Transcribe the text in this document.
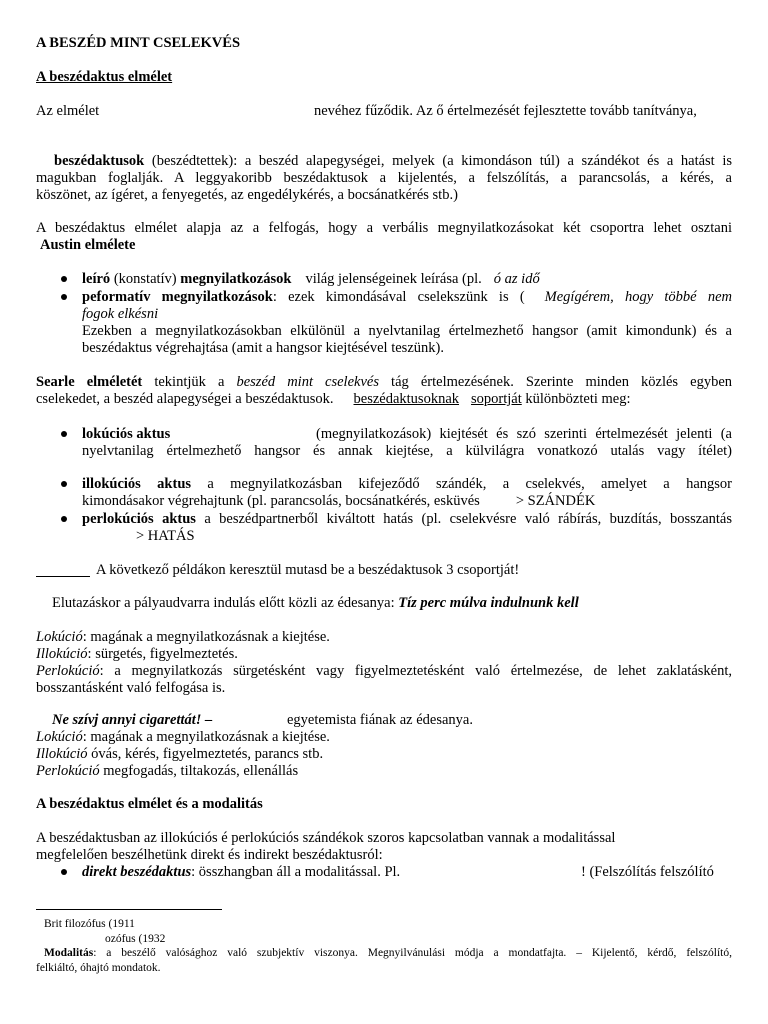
A BESZÉD MINT CSELEKVÉS
A beszédaktus elmélet
Az elmélet	nevéhez fűződik. Az ő értelmezését fejlesztette tovább tanítványa,
beszédaktusok (beszédtettek): a beszéd alapegységei, melyek (a kimondáson túl) a szándékot és a hatást is
magukban foglalják. A leggyakoribb beszédaktusok a kijelentés, a felszólítás, a parancsolás, a kérés, a
köszönet, az ígéret, a fenyegetés, az engedélykérés, a bocsánatkérés stb.)
A beszédaktus elmélet alapja az a felfogás, hogy a verbális megnyilatkozásokat két csoportra lehet osztani
Austin elmélete
leíró (konstatív) megnyilatkozások világ jelenségeinek leírása (pl. ó az idő
peformatív megnyilatkozások: ezek kimondásával cselekszünk is ( Megígérem, hogy többé nem
fogok elkésni
Ezekben a megnyilatkozásokban elkülönül a nyelvtanilag értelmezhető hangsor (amit kimondunk) és a
beszédaktus végrehajtása (amit a hangsor kiejtésével teszünk).
Searle elméletét tekintjük a beszéd mint cselekvés tág értelmezésének. Szerinte minden közlés egyben
cselekedet, a beszéd alapegységei a beszédaktusok. beszédaktusoknak soportját különbözteti meg:
lokúciós aktus	(megnyilatkozások) kiejtését és szó szerinti értelmezését jelenti (a
nyelvtanilag értelmezhető hangsor és annak kiejtése, a külvilágra vonatkozó utalás vagy ítélet)
illokúciós aktus a megnyilatkozásban kifejeződő szándék, a cselekvés, amelyet a hangsor
kimondásakor végrehajtunk (pl. parancsolás, bocsánatkérés, esküvés > SZÁNDÉK
perlokúciós aktus a beszédpartnerből kiváltott hatás (pl. cselekvésre való rábírás, buzdítás, bosszantás
> HATÁS
A következő példákon keresztül mutasd be a beszédaktusok 3 csoportját!
Elutazáskor a pályaudvarra indulás előtt közli az édesanya: Tíz perc múlva indulnunk kell
Lokúció: magának a megnyilatkozásnak a kiejtése.
Illokúció: sürgetés, figyelmeztetés.
Perlokúció: a megnyilatkozás sürgetésként vagy figyelmeztetésként való értelmezése, de lehet zaklatásként,
bosszantásként való felfogása is.
Ne szívj annyi cigarettát! –	egyetemista fiának az édesanya.
Lokúció: magának a megnyilatkozásnak a kiejtése.
Illokúció óvás, kérés, figyelmeztetés, parancs stb.
Perlokúció megfogadás, tiltakozás, ellenállás
A beszédaktus elmélet és a modalitás
A beszédaktusban az illokúciós é perlokúciós szándékok szoros kapcsolatban vannak a modalitással
megfelelően beszélhetünk direkt és indirekt beszédaktusról:
direkt beszédaktus: összhangban áll a modalitással. Pl.	! (Felszólítás felszólító
Brit filozófus (1911
ozófus (1932
Modalitás: a beszélő valósághoz való szubjektív viszonya. Megnyilvánulási módja a mondatfajta. – Kijelentő, kérdő, felszólító,
felkiáltó, óhajtó mondatok.
